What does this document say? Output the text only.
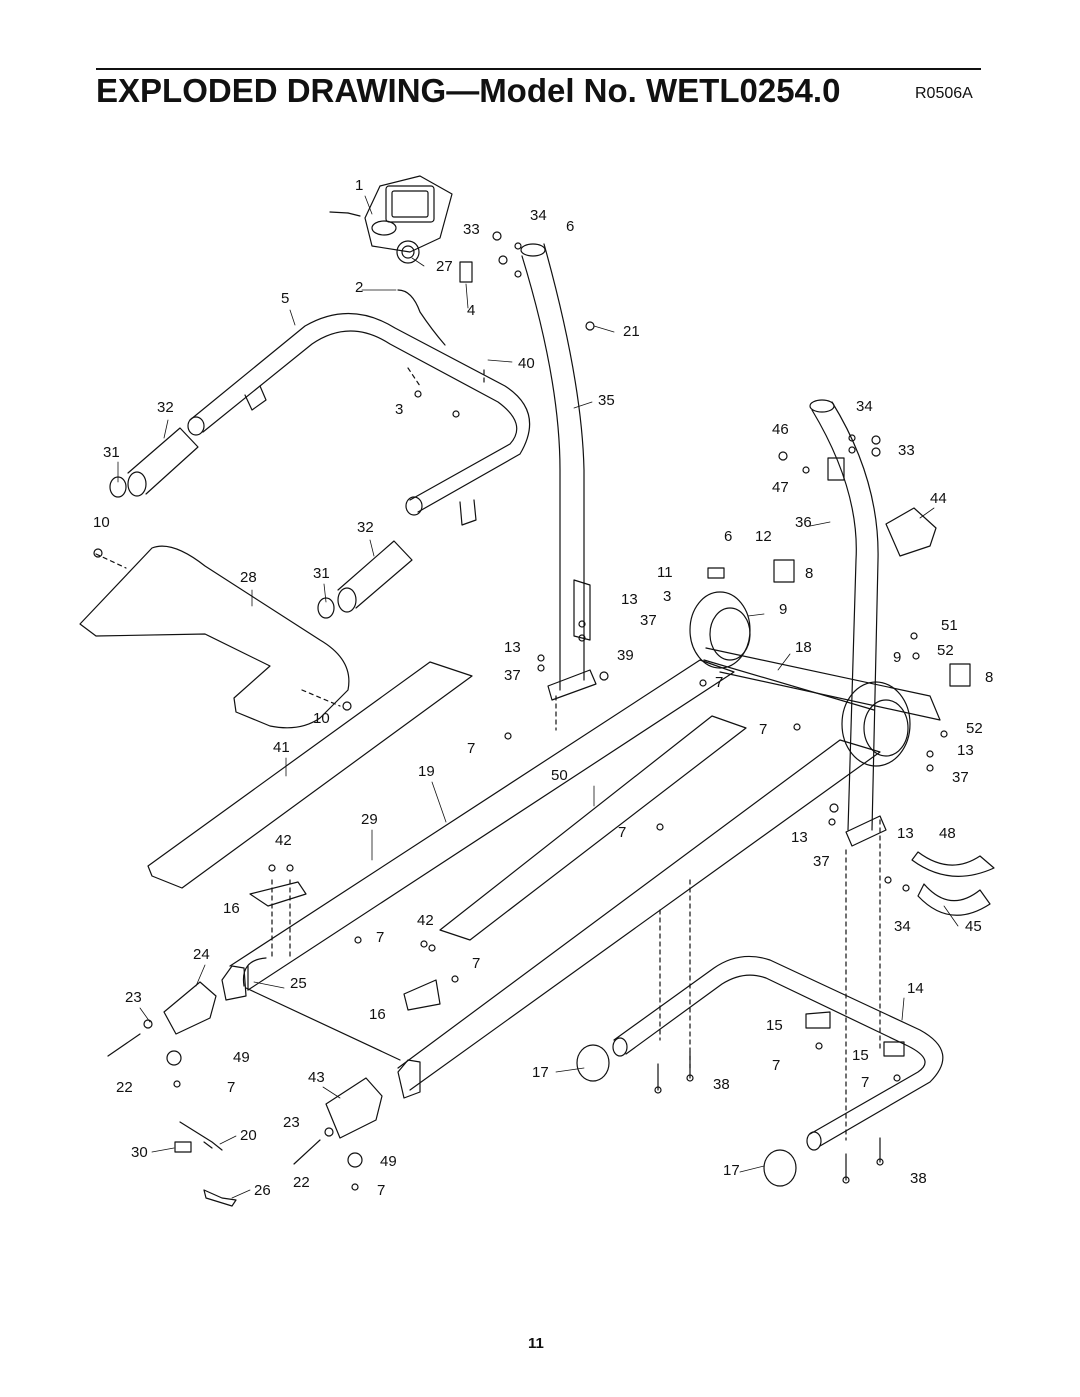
EXPLODED DRAWING—Model No. WETL0254.0	R0506A
1
34
33	6
27
2
5
4
21
40
32	3
35	34
46
33
31
47
44
10	32	36
6 12
28	31	11	8
3
13
9
37	51
18
13	39	9 52
37	8
7
10
41	7
7	52
13
19	50	37
29
42	7	13	13 48
37
16
42
7
34	45
24
7
25	14
23
16
15
49	15
7
43	17
22	7	38	7
23
20
30
49
17
22
26	7
38
11
